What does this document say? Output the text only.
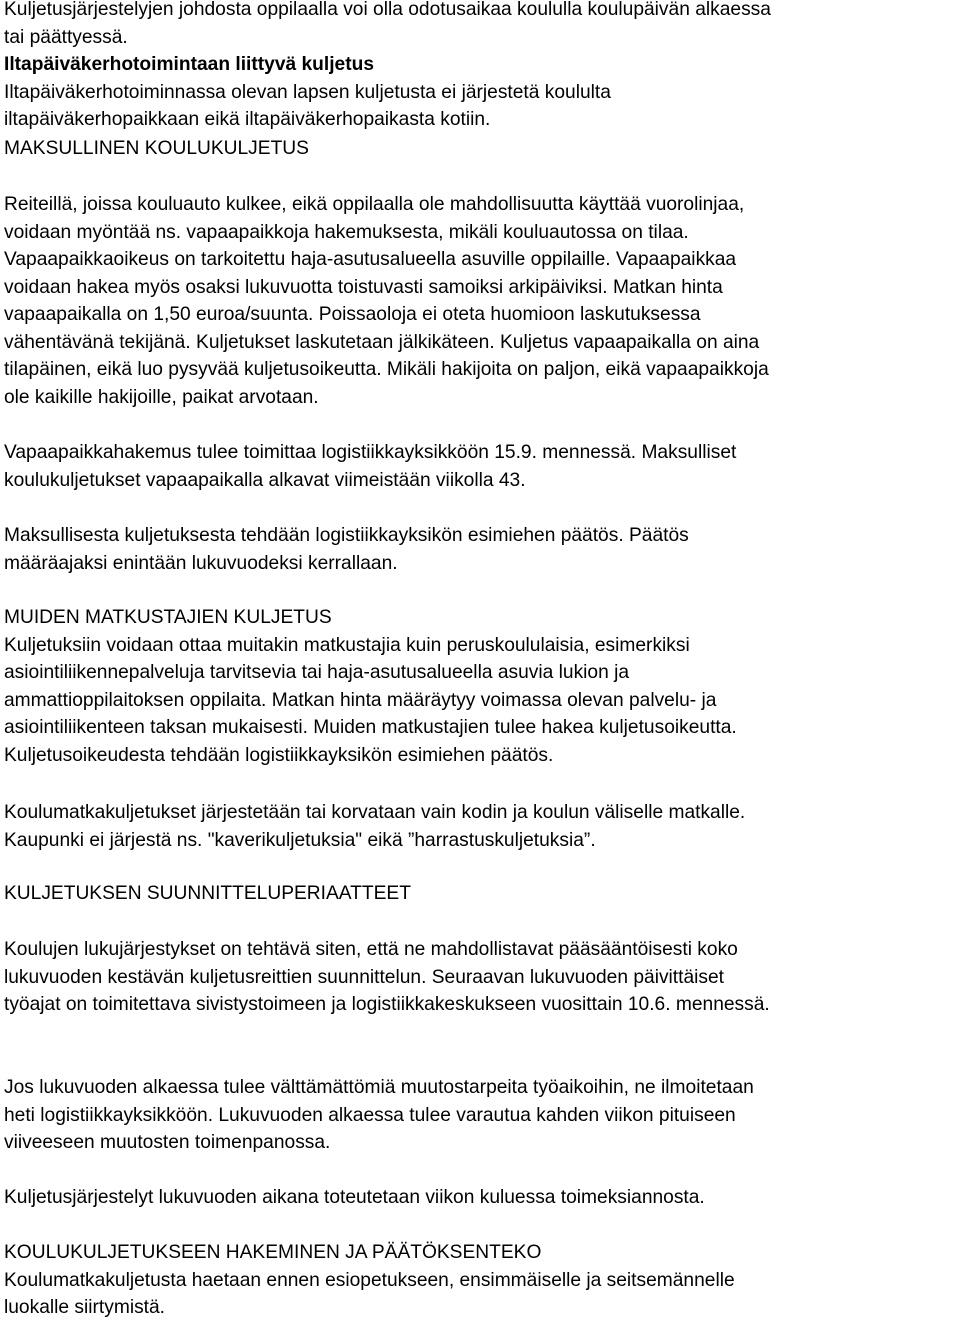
Kuljetusjärjestelyjen johdosta oppilaalla voi olla odotusaikaa koululla koulupäivän alkaessa
tai päättyessä.
Iltapäiväkerhotoimintaan liittyvä kuljetus
Iltapäiväkerhotoiminnassa olevan lapsen kuljetusta ei järjestetä koululta
iltapäiväkerhopaikkaan eikä iltapäiväkerhopaikasta kotiin.
MAKSULLINEN KOULUKULJETUS
Reiteillä, joissa kouluauto kulkee, eikä oppilaalla ole mahdollisuutta käyttää vuorolinjaa,
voidaan myöntää ns. vapaapaikkoja hakemuksesta, mikäli kouluautossa on tilaa.
Vapaapaikkaoikeus on tarkoitettu haja-asutusalueella asuville oppilaille. Vapaapaikkaa
voidaan hakea myös osaksi lukuvuotta toistuvasti samoiksi arkipäiviksi. Matkan hinta
vapaapaikalla on 1,50 euroa/suunta. Poissaoloja ei oteta huomioon laskutuksessa
vähentävänä tekijänä. Kuljetukset laskutetaan jälkikäteen. Kuljetus vapaapaikalla on aina
tilapäinen, eikä luo pysyvää kuljetusoikeutta. Mikäli hakijoita on paljon, eikä vapaapaikkoja
ole kaikille hakijoille, paikat arvotaan.
Vapaapaikkahakemus tulee toimittaa logistiikkayksikköön 15.9. mennessä. Maksulliset
koulukuljetukset vapaapaikalla alkavat viimeistään viikolla 43.
Maksullisesta kuljetuksesta tehdään logistiikkayksikön esimiehen päätös. Päätös
määräajaksi enintään lukuvuodeksi kerrallaan.
MUIDEN MATKUSTAJIEN KULJETUS
Kuljetuksiin voidaan ottaa muitakin matkustajia kuin peruskoululaisia, esimerkiksi
asiointiliikennepalveluja tarvitsevia tai haja-asutusalueella asuvia lukion ja
ammattioppilaitoksen oppilaita. Matkan hinta määräytyy voimassa olevan palvelu- ja
asiointiliikenteen taksan mukaisesti. Muiden matkustajien tulee hakea kuljetusoikeutta.
Kuljetusoikeudesta tehdään logistiikkayksikön esimiehen päätös.
Koulumatkakuljetukset järjestetään tai korvataan vain kodin ja koulun väliselle matkalle.
Kaupunki ei järjestä ns. "kaverikuljetuksia" eikä ”harrastuskuljetuksia”.
KULJETUKSEN SUUNNITTELUPERIAATTEET
Koulujen lukujärjestykset on tehtävä siten, että ne mahdollistavat pääsääntöisesti koko
lukuvuoden kestävän kuljetusreittien suunnittelun. Seuraavan lukuvuoden päivittäiset
työajat on toimitettava sivistystoimeen ja logistiikkakeskukseen vuosittain 10.6. mennessä.
Jos lukuvuoden alkaessa tulee välttämättömiä muutostarpeita työaikoihin, ne ilmoitetaan
heti logistiikkayksikköön. Lukuvuoden alkaessa tulee varautua kahden viikon pituiseen
viiveeseen muutosten toimenpanossa.
Kuljetusjärjestelyt lukuvuoden aikana toteutetaan viikon kuluessa toimeksiannosta.
KOULUKULJETUKSEEN HAKEMINEN JA PÄÄTÖKSENTEKO
Koulumatkakuljetusta haetaan ennen esiopetukseen, ensimmäiselle ja seitsemännelle
luokalle siirtymistä.
